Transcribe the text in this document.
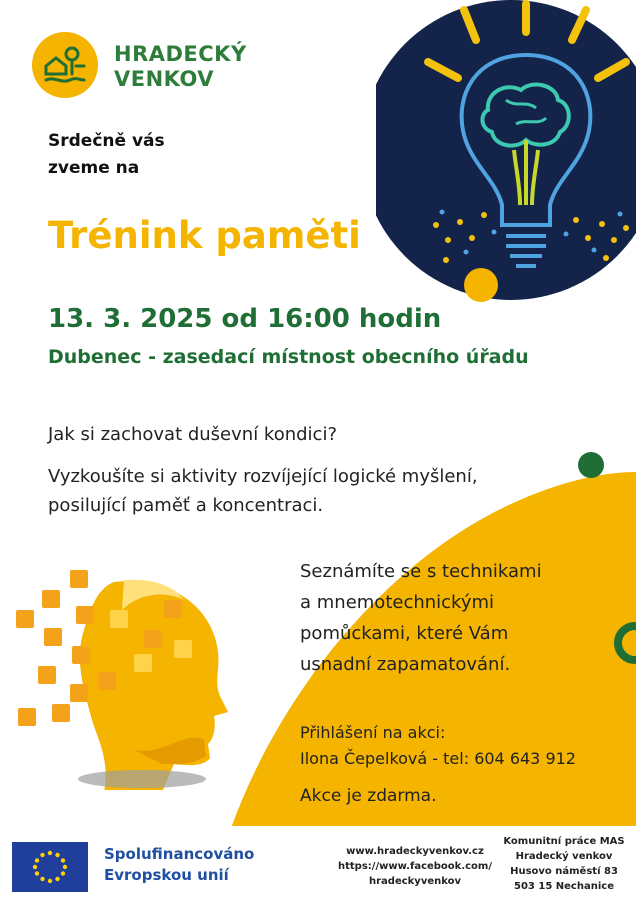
HRADECKÝ
VENKOV
Srdečně vás
zveme na
Trénink paměti
13. 3. 2025 od 16:00 hodin
Dubenec - zasedací místnost obecního úřadu
Jak si zachovat duševní kondici?
Vyzkoušíte si aktivity rozvíjející logické myšlení,
posilující paměť a koncentraci.
Seznámíte se s technikami
a mnemotechnickými
pomůckami, které Vám
usnadní zapamatování.
Přihlášení na akci:
Ilona Čepelková - tel: 604 643 912
Akce je zdarma.
Spolufinancováno
Evropskou unií
www.hradeckyvenkov.cz
https://www.facebook.com/
hradeckyvenkov
Komunitní práce MAS
Hradecký venkov
Husovo náměstí 83
503 15 Nechanice
